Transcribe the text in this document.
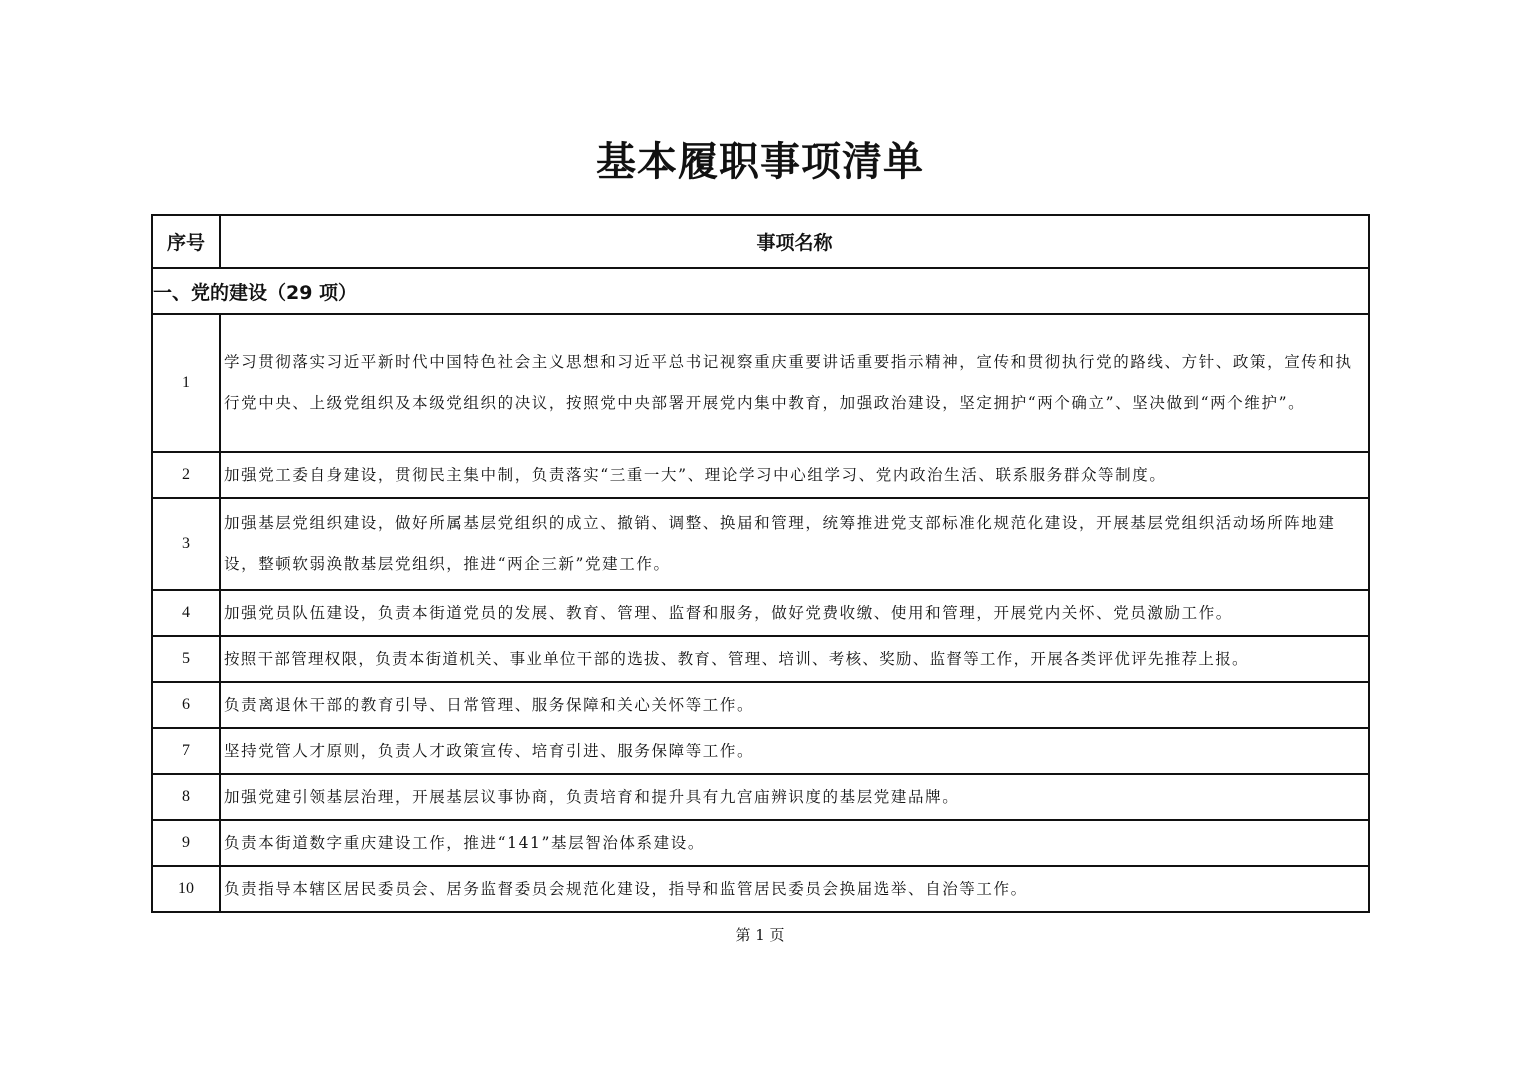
基本履职事项清单
序号	事项名称
一、党的建设（29 项）	
1	学习贯彻落实习近平新时代中国特色社会主义思想和习近平总书记视察重庆重要讲话重要指示精神，宣传和贯彻执行党的路线、方针、政策，宣传和执行党中央、上级党组织及本级党组织的决议，按照党中央部署开展党内集中教育，加强政治建设，坚定拥护“两个确立”、坚决做到“两个维护”。
2	加强党工委自身建设，贯彻民主集中制，负责落实“三重一大”、理论学习中心组学习、党内政治生活、联系服务群众等制度。
3	加强基层党组织建设，做好所属基层党组织的成立、撤销、调整、换届和管理，统筹推进党支部标准化规范化建设，开展基层党组织活动场所阵地建设，整顿软弱涣散基层党组织，推进“两企三新”党建工作。
4	加强党员队伍建设，负责本街道党员的发展、教育、管理、监督和服务，做好党费收缴、使用和管理，开展党内关怀、党员激励工作。
5	按照干部管理权限，负责本街道机关、事业单位干部的选拔、教育、管理、培训、考核、奖励、监督等工作，开展各类评优评先推荐上报。
6	负责离退休干部的教育引导、日常管理、服务保障和关心关怀等工作。
7	坚持党管人才原则，负责人才政策宣传、培育引进、服务保障等工作。
8	加强党建引领基层治理，开展基层议事协商，负责培育和提升具有九宫庙辨识度的基层党建品牌。
9	负责本街道数字重庆建设工作，推进“141”基层智治体系建设。
10	负责指导本辖区居民委员会、居务监督委员会规范化建设，指导和监管居民委员会换届选举、自治等工作。
第 1 页
